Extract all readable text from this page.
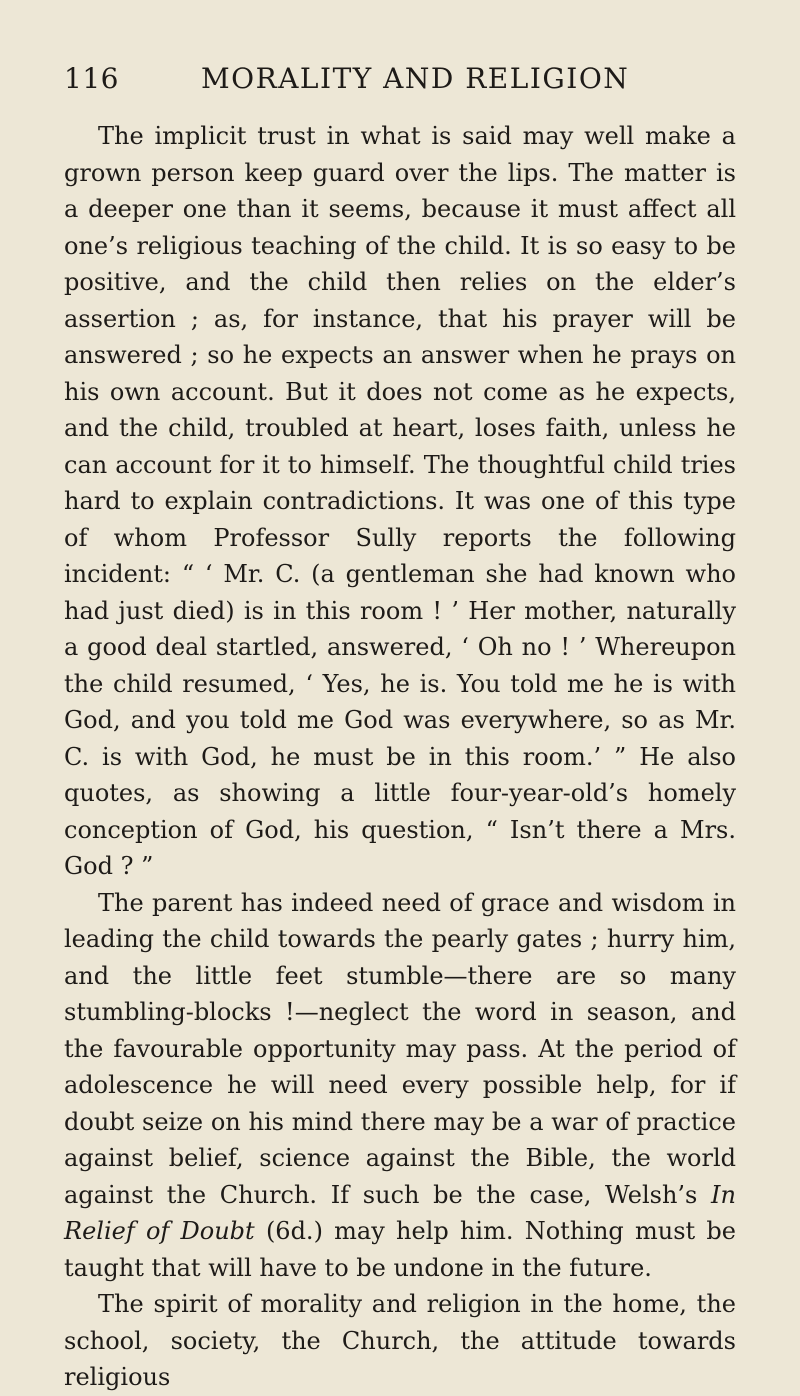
116	MORALITY AND RELIGION

The implicit trust in what is said may well make a grown person keep guard over the lips. The matter is a deeper one than it seems, because it must affect all one’s religious teaching of the child. It is so easy to be positive, and the child then relies on the elder’s assertion ; as, for instance, that his prayer will be answered ; so he expects an answer when he prays on his own account. But it does not come as he expects, and the child, troubled at heart, loses faith, unless he can account for it to himself. The thoughtful child tries hard to explain contradictions. It was one of this type of whom Professor Sully reports the following incident: “ ‘ Mr. C. (a gentleman she had known who had just died) is in this room ! ’ Her mother, naturally a good deal startled, answered, ‘ Oh no ! ’ Whereupon the child resumed, ‘ Yes, he is. You told me he is with God, and you told me God was everywhere, so as Mr. C. is with God, he must be in this room.’ ” He also quotes, as showing a little four-year-old’s homely conception of God, his question, “ Isn’t there a Mrs. God ? ”

The parent has indeed need of grace and wisdom in leading the child towards the pearly gates ; hurry him, and the little feet stumble—there are so many stumbling-blocks !—neglect the word in season, and the favourable opportunity may pass. At the period of adolescence he will need every possible help, for if doubt seize on his mind there may be a war of practice against belief, science against the Bible, the world against the Church. If such be the case, Welsh’s In Relief of Doubt (6d.) may help him. Nothing must be taught that will have to be undone in the future.

The spirit of morality and religion in the home, the school, society, the Church, the attitude towards religious
